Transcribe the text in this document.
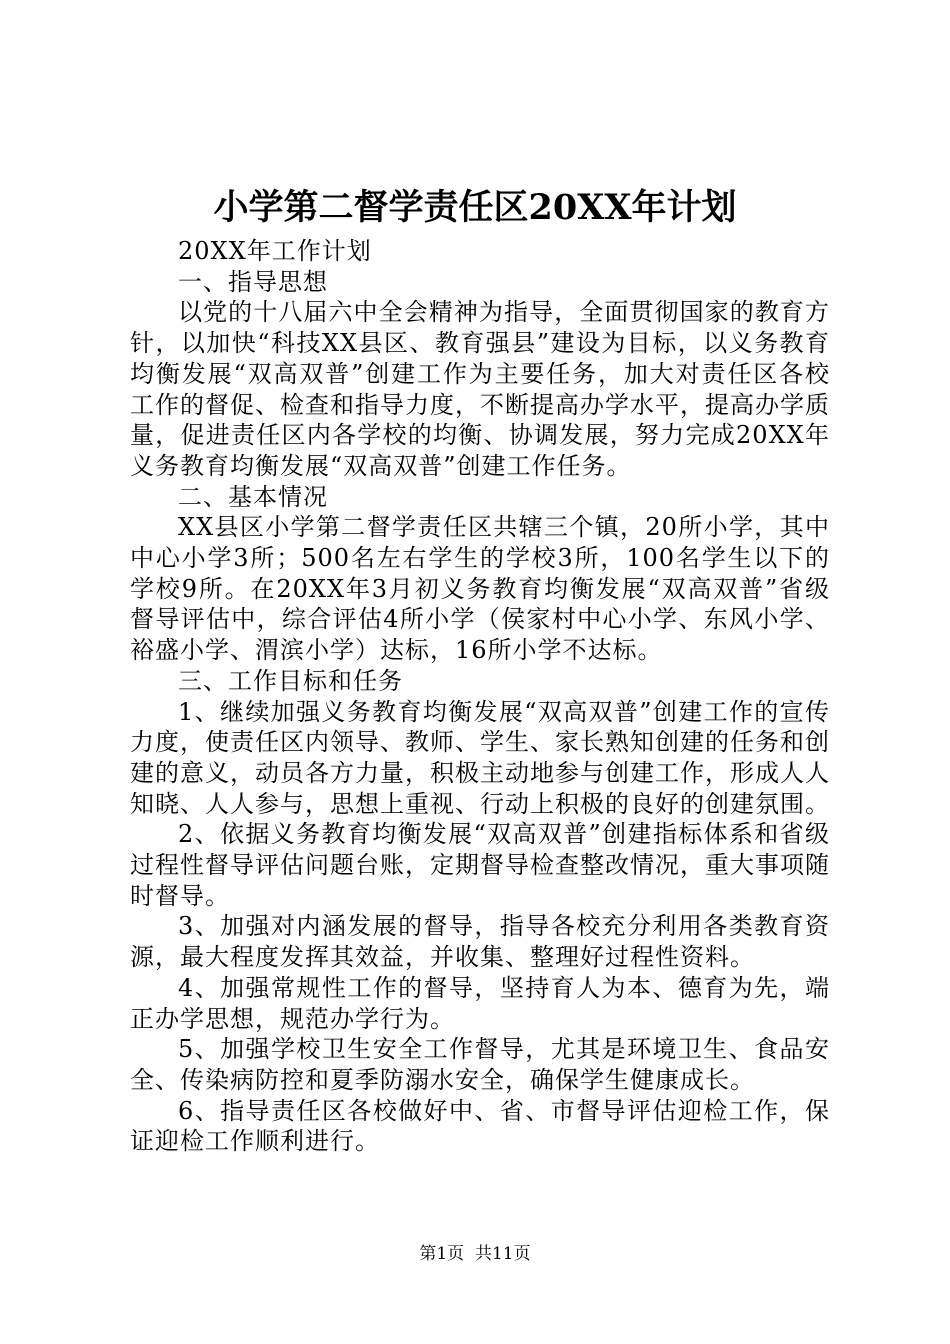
小学第二督学责任区20XX年计划

20XX年工作计划

一、指导思想

以党的十八届六中全会精神为指导，全面贯彻国家的教育方针，以加快“科技XX县区、教育强县”建设为目标，以义务教育均衡发展“双高双普”创建工作为主要任务，加大对责任区各校工作的督促、检查和指导力度，不断提高办学水平，提高办学质量，促进责任区内各学校的均衡、协调发展，努力完成20XX年义务教育均衡发展“双高双普”创建工作任务。

二、基本情况

XX县区小学第二督学责任区共辖三个镇，20所小学，其中中心小学3所；500名左右学生的学校3所，100名学生以下的学校9所。在20XX年3月初义务教育均衡发展“双高双普”省级督导评估中，综合评估4所小学（侯家村中心小学、东风小学、裕盛小学、渭滨小学）达标，16所小学不达标。

三、工作目标和任务

1、继续加强义务教育均衡发展“双高双普”创建工作的宣传力度，使责任区内领导、教师、学生、家长熟知创建的任务和创建的意义，动员各方力量，积极主动地参与创建工作，形成人人知晓、人人参与，思想上重视、行动上积极的良好的创建氛围。

2、依据义务教育均衡发展“双高双普”创建指标体系和省级过程性督导评估问题台账，定期督导检查整改情况，重大事项随时督导。

3、加强对内涵发展的督导，指导各校充分利用各类教育资源，最大程度发挥其效益，并收集、整理好过程性资料。

4、加强常规性工作的督导，坚持育人为本、德育为先，端正办学思想，规范办学行为。

5、加强学校卫生安全工作督导，尤其是环境卫生、食品安全、传染病防控和夏季防溺水安全，确保学生健康成长。

6、指导责任区各校做好中、省、市督导评估迎检工作，保证迎检工作顺利进行。

第1页  共11页
